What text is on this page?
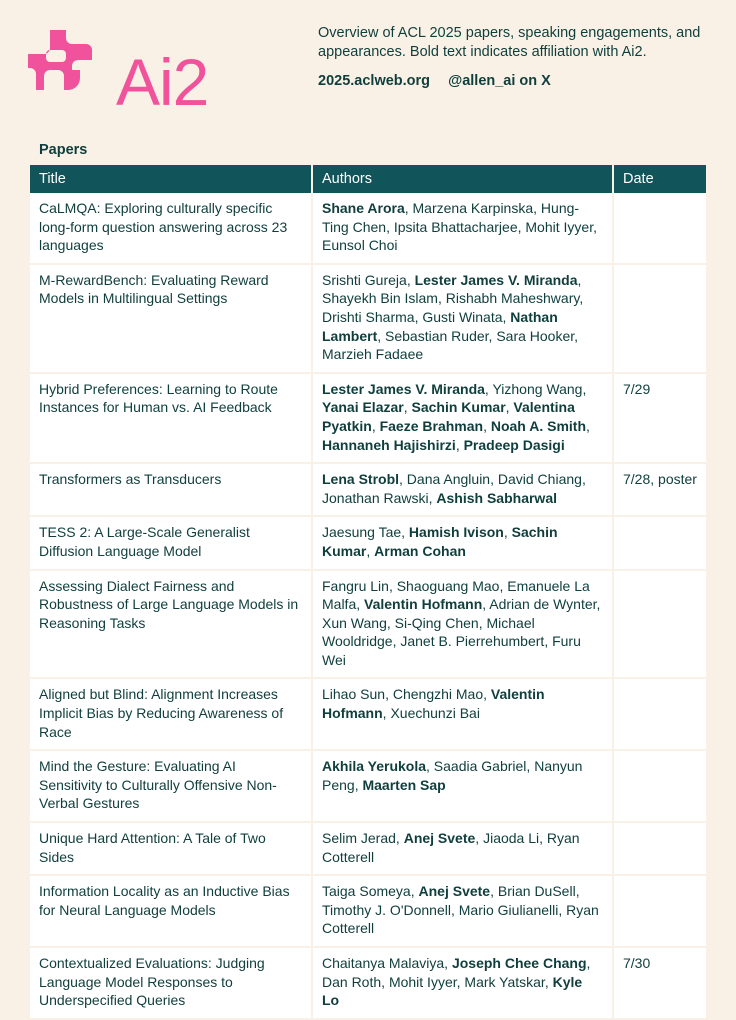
Ai2

Overview of ACL 2025 papers, speaking engagements, and appearances. Bold text indicates affiliation with Ai2.

2025.aclweb.org @allen_ai on X
Papers
Title	Authors	Date
CaLMQA: Exploring culturally specific long-form question answering across 23 languages	Shane Arora, Marzena Karpinska, Hung-Ting Chen, Ipsita Bhattacharjee, Mohit Iyyer, Eunsol Choi	
M-RewardBench: Evaluating Reward Models in Multilingual Settings	Srishti Gureja, Lester James V. Miranda, Shayekh Bin Islam, Rishabh Maheshwary, Drishti Sharma, Gusti Winata, Nathan Lambert, Sebastian Ruder, Sara Hooker, Marzieh Fadaee	
Hybrid Preferences: Learning to Route Instances for Human vs. AI Feedback	Lester James V. Miranda, Yizhong Wang, Yanai Elazar, Sachin Kumar, Valentina Pyatkin, Faeze Brahman, Noah A. Smith, Hannaneh Hajishirzi, Pradeep Dasigi	7/29
Transformers as Transducers	Lena Strobl, Dana Angluin, David Chiang, Jonathan Rawski, Ashish Sabharwal	7/28, poster
TESS 2: A Large-Scale Generalist Diffusion Language Model	Jaesung Tae, Hamish Ivison, Sachin Kumar, Arman Cohan	
Assessing Dialect Fairness and Robustness of Large Language Models in Reasoning Tasks	Fangru Lin, Shaoguang Mao, Emanuele La Malfa, Valentin Hofmann, Adrian de Wynter, Xun Wang, Si-Qing Chen, Michael Wooldridge, Janet B. Pierrehumbert, Furu Wei	
Aligned but Blind: Alignment Increases Implicit Bias by Reducing Awareness of Race	Lihao Sun, Chengzhi Mao, Valentin Hofmann, Xuechunzi Bai	
Mind the Gesture: Evaluating AI Sensitivity to Culturally Offensive Non-Verbal Gestures	Akhila Yerukola, Saadia Gabriel, Nanyun Peng, Maarten Sap	
Unique Hard Attention: A Tale of Two Sides	Selim Jerad, Anej Svete, Jiaoda Li, Ryan Cotterell	
Information Locality as an Inductive Bias for Neural Language Models	Taiga Someya, Anej Svete, Brian DuSell, Timothy J. O'Donnell, Mario Giulianelli, Ryan Cotterell	
Contextualized Evaluations: Judging Language Model Responses to Underspecified Queries	Chaitanya Malaviya, Joseph Chee Chang, Dan Roth, Mohit Iyyer, Mark Yatskar, Kyle Lo	7/30
